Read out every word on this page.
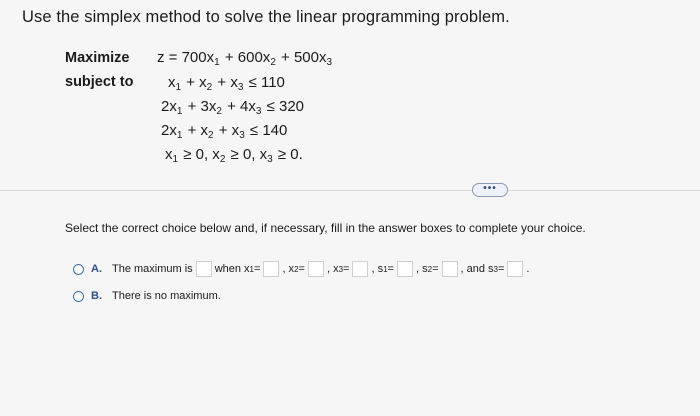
Use the simplex method to solve the linear programming problem.
Maximize
subject to
$z = 700x_1 + 600x_2 + 500x_3$
$x_1 + x_2 + x_3 \le 110$
$2x_1 + 3x_2 + 4x_3 \le 320$
$2x_1 + x_2 + x_3 \le 140$
$x_1 \ge 0$, $x_2 \ge 0$, $x_3 \ge 0$.
•••
Select the correct choice below and, if necessary, fill in the answer boxes to complete your choice.
A. The maximum is when x 1 = , x 2 = , x 3 = , s 1 = , s 2 = , and s 3 = .
B. There is no maximum.
